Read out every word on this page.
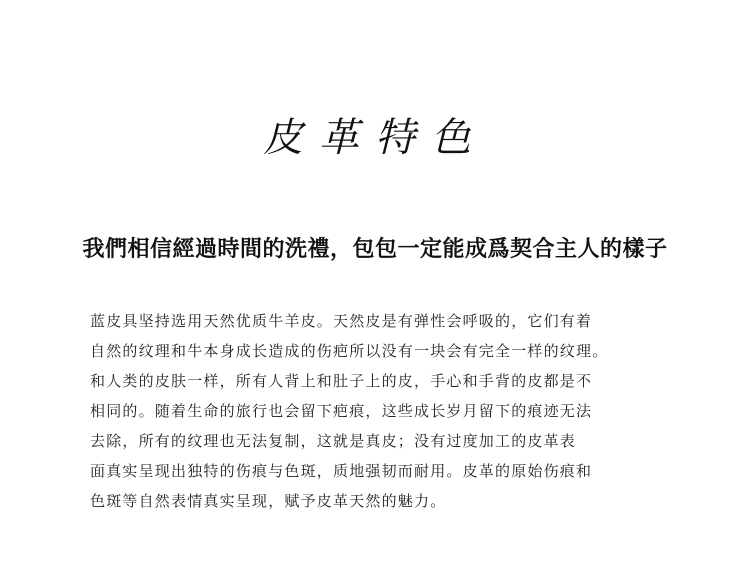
皮革特色
我們相信經過時間的洗禮，包包一定能成爲契合主人的樣子
蓝皮具坚持选用天然优质牛羊皮。天然皮是有弹性会呼吸的，它们有着
自然的纹理和牛本身成长造成的伤疤所以没有一块会有完全一样的纹理。
和人类的皮肤一样，所有人背上和肚子上的皮，手心和手背的皮都是不
相同的。随着生命的旅行也会留下疤痕，这些成长岁月留下的痕迹无法
去除，所有的纹理也无法复制，这就是真皮；没有过度加工的皮革表
面真实呈现出独特的伤痕与色斑，质地强韧而耐用。皮革的原始伤痕和
色斑等自然表情真实呈现，赋予皮革天然的魅力。
